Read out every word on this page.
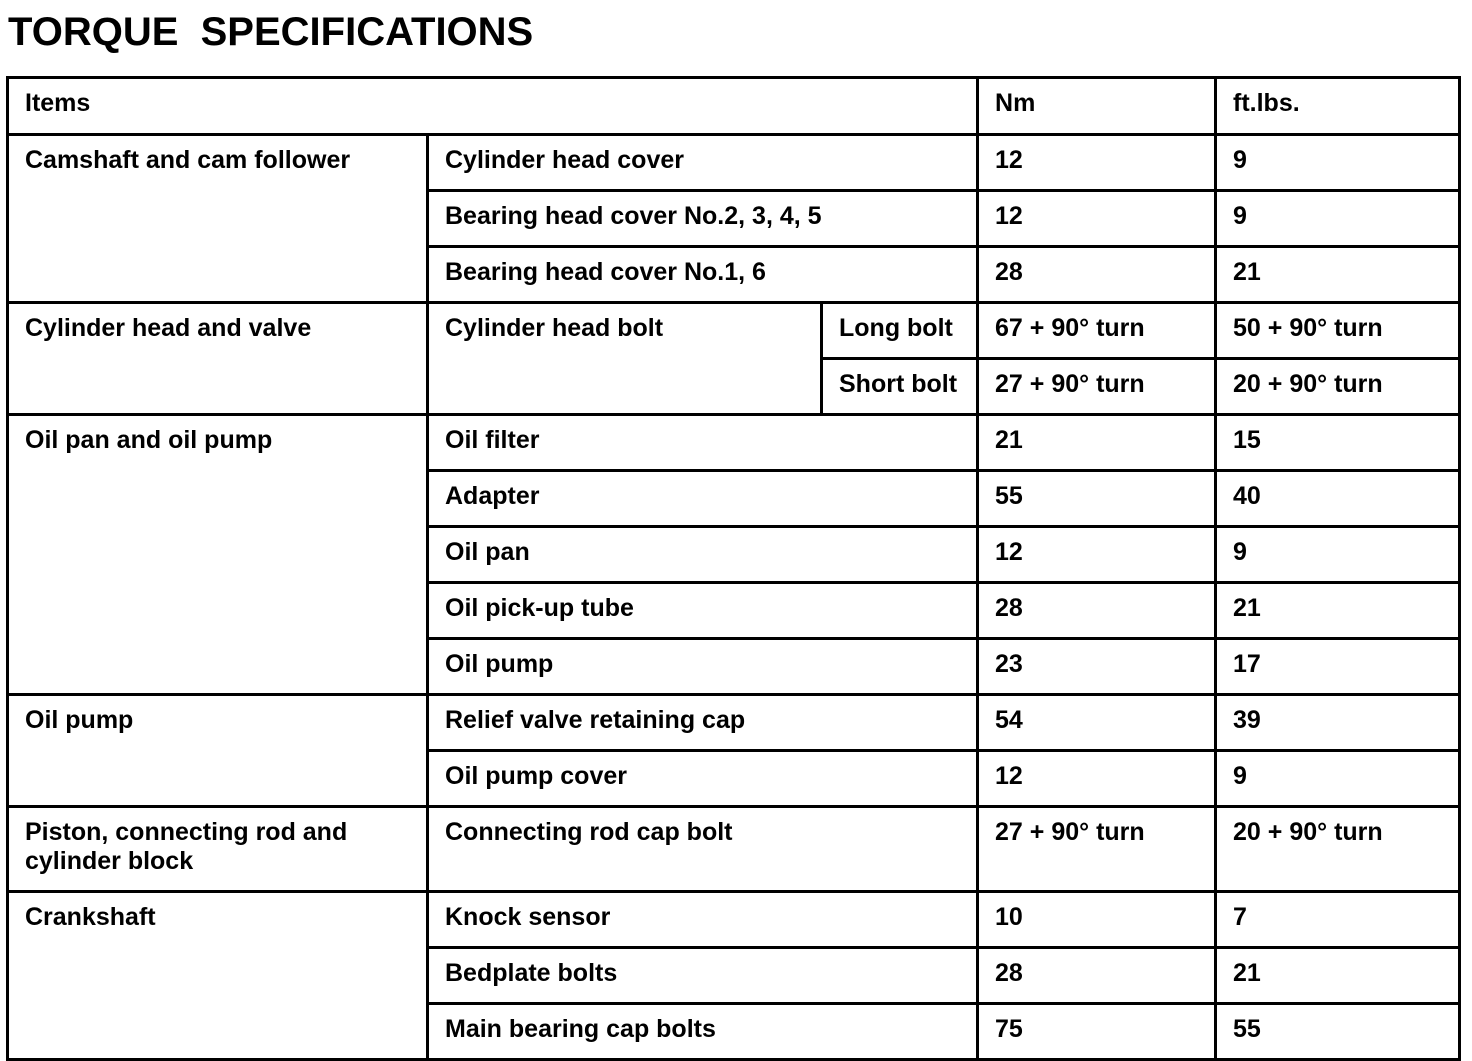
TORQUE  SPECIFICATIONS
Items			Nm	ft.lbs.
Camshaft and cam follower	Cylinder head cover		12	9
	Bearing head cover No.2, 3, 4, 5		12	9
	Bearing head cover No.1, 6		28	21
Cylinder head and valve	Cylinder head bolt	Long bolt	67 + 90° turn	50 + 90° turn
		Short bolt	27 + 90° turn	20 + 90° turn
Oil pan and oil pump	Oil filter		21	15
	Adapter		55	40
	Oil pan		12	9
	Oil pick-up tube		28	21
	Oil pump		23	17
Oil pump	Relief valve retaining cap		54	39
	Oil pump cover		12	9
Piston, connecting rod and cylinder block	Connecting rod cap bolt		27 + 90° turn	20 + 90° turn
Crankshaft	Knock sensor		10	7
	Bedplate bolts		28	21
	Main bearing cap bolts		75	55
